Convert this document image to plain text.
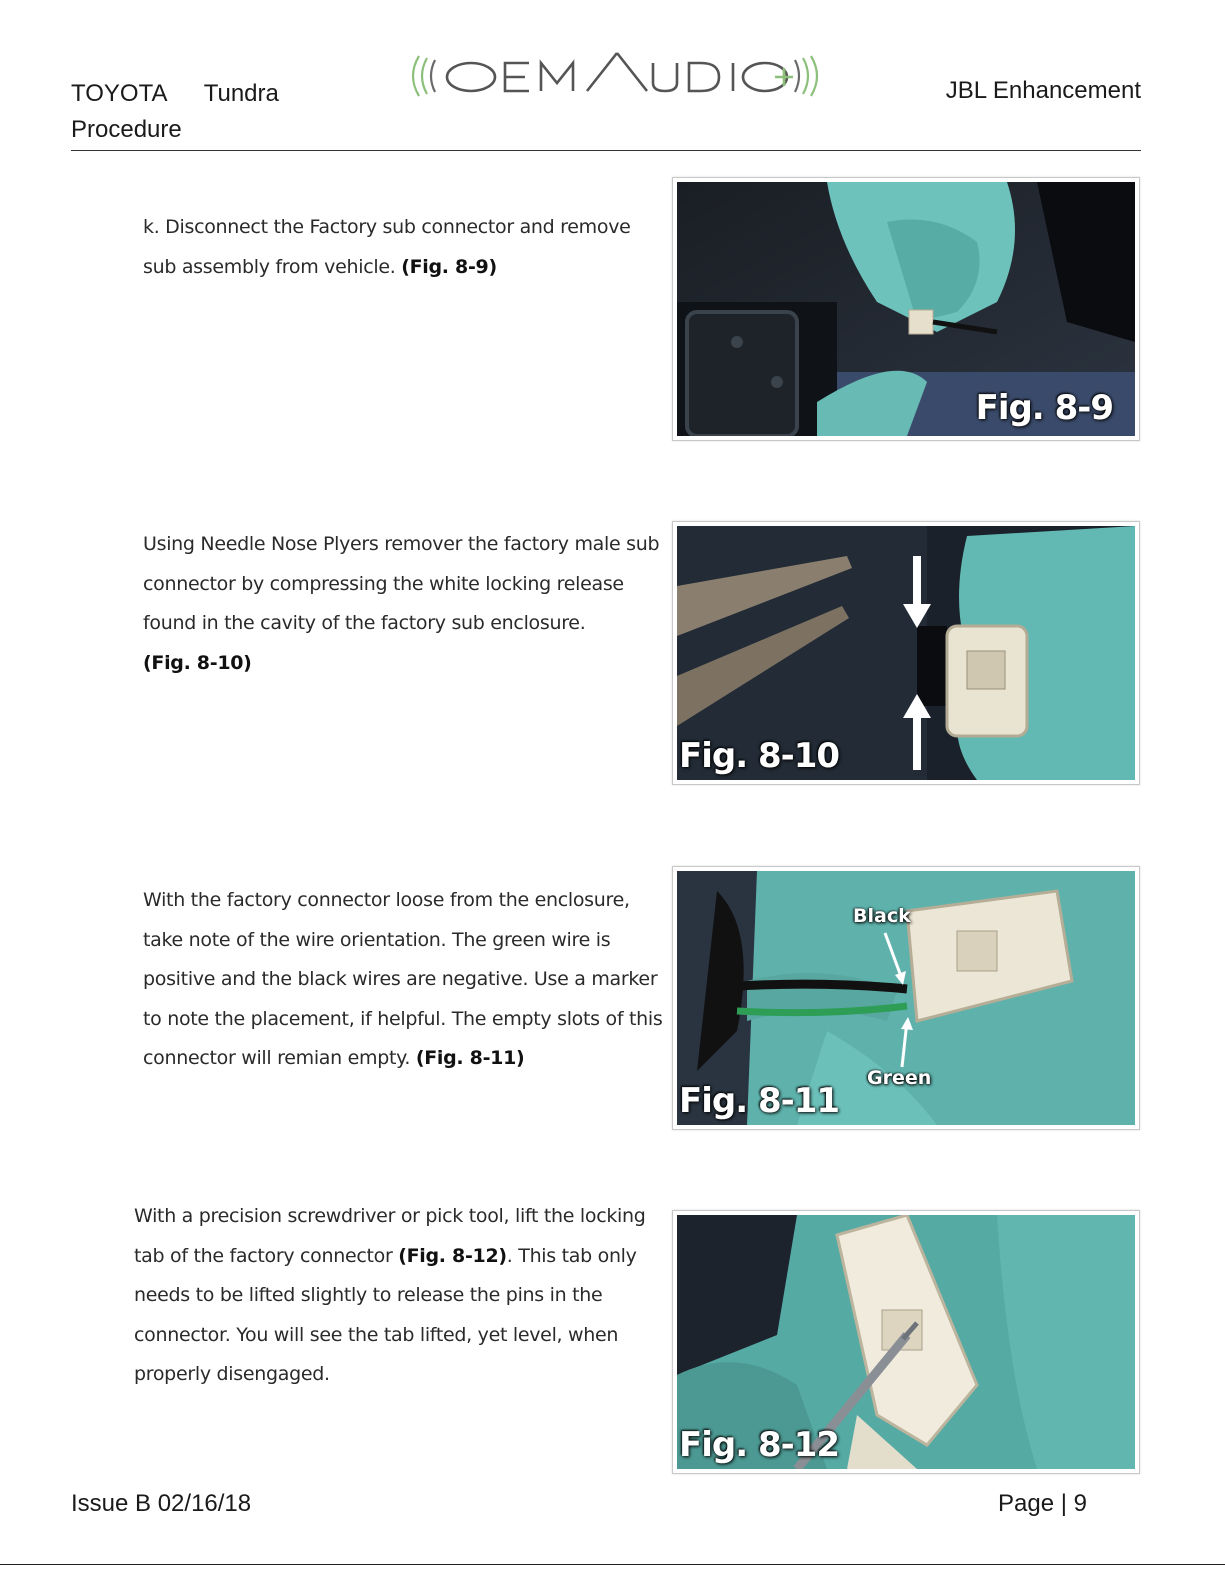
TOYOTA Tundra
Procedure
JBL Enhancement
k. Disconnect the Factory sub connector and remove sub assembly from vehicle. (Fig. 8-9)
Fig. 8-9
Using Needle Nose Plyers remover the factory male sub connector by compressing the white locking release found in the cavity of the factory sub enclosure.
(Fig. 8-10)
Fig. 8-10
With the factory connector loose from the enclosure, take note of the wire orientation. The green wire is positive and the black wires are negative. Use a marker to note the placement, if helpful. The empty slots of this connector will remian empty. (Fig. 8-11)
Black
Green
Fig. 8-11
With a precision screwdriver or pick tool, lift the locking tab of the factory connector (Fig. 8-12). This tab only needs to be lifted slightly to release the pins in the connector. You will see the tab lifted, yet level, when properly disengaged.
Fig. 8-12
Issue B 02/16/18	Page | 9
